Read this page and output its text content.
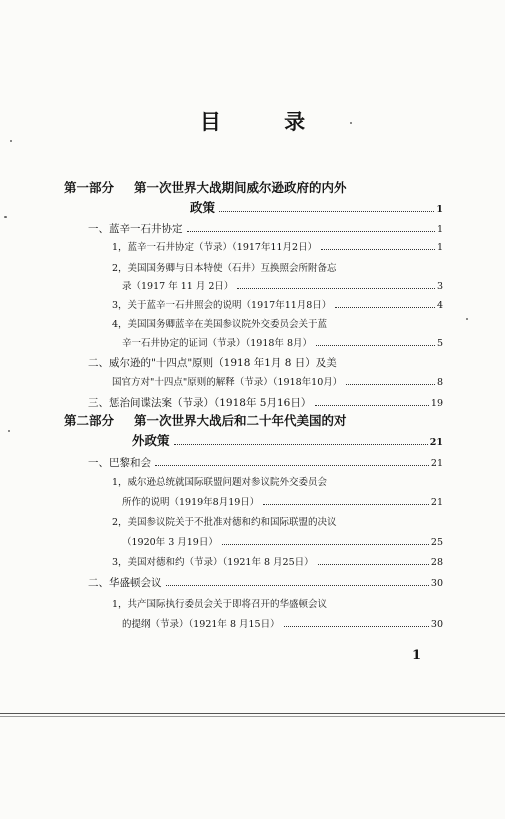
目 录
第一部分 第一次世界大战期间威尔逊政府的内外
政策	1
一、蓝辛一石井协定	1
1，蓝辛一石井协定（节录）（1917年11月2日）	1
2，美国国务卿与日本特使（石井）互换照会所附备忘
录（1917 年 11 月 2日）	3
3，关于蓝辛一石井照会的说明（1917年11月8日）	4
4，美国国务卿蓝辛在美国参议院外交委员会关于蓝
辛一石井协定的证词（节录）（1918年 8月）	5
二、威尔逊的"十四点"原则（1918 年1月 8 日）及美
国官方对"十四点"原则的解释（节录）（1918年10月）	8
三、惩治间谍法案（节录）（1918年 5月16日）	19
第二部分 第一次世界大战后和二十年代美国的对
外政策	21
一、巴黎和会	21
1，威尔逊总统就国际联盟问题对参议院外交委员会
所作的说明（1919年8月19日）	21
2，美国参议院关于不批准对德和约和国际联盟的决议
（1920年 3 月19日）	25
3，美国对德和约（节录）（1921年 8 月25日）	28
二、华盛顿会议	30
1，共产国际执行委员会关于即将召开的华盛顿会议
的提纲（节录）（1921年 8 月15日）	30
1
